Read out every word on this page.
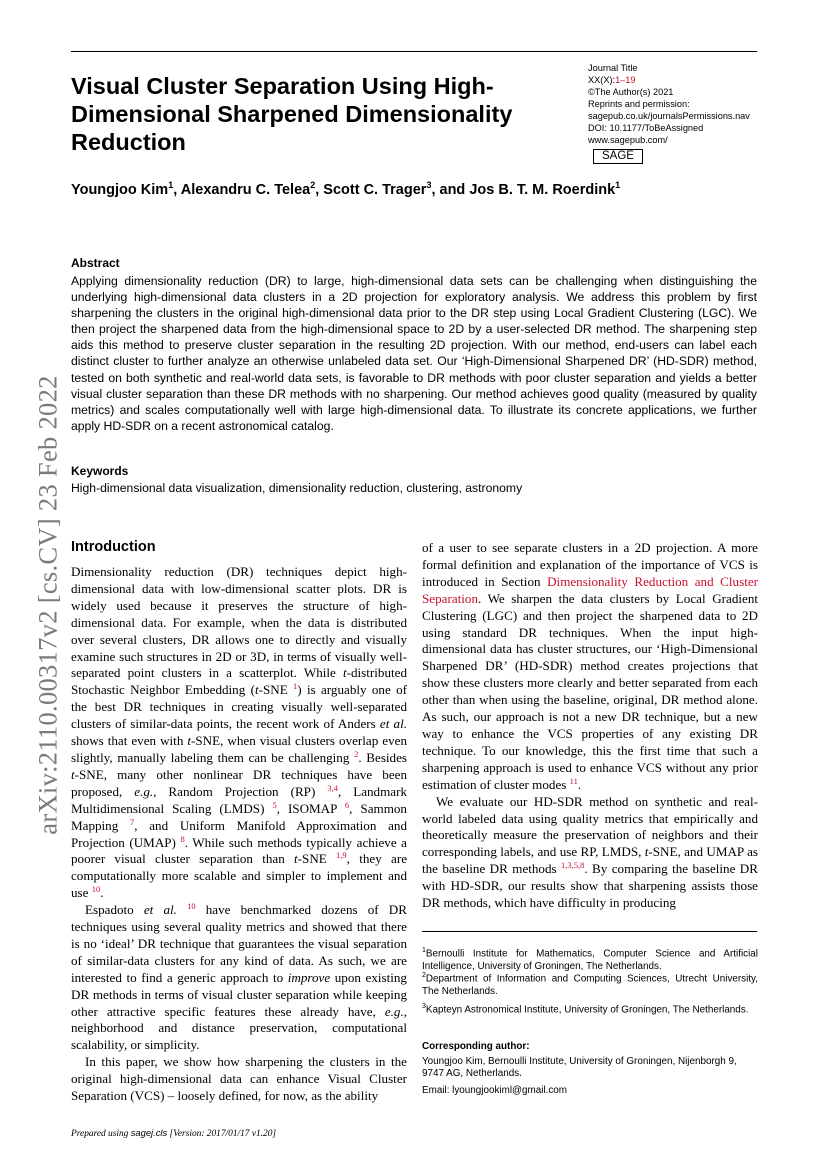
Visual Cluster Separation Using High-Dimensional Sharpened Dimensionality Reduction
Journal Title
XX(X):1–19
©The Author(s) 2021
Reprints and permission:
sagepub.co.uk/journalsPermissions.nav
DOI: 10.1177/ToBeAssigned
www.sagepub.com/
SAGE
Youngjoo Kim$^1$, Alexandru C. Telea$^2$, Scott C. Trager$^3$, and Jos B. T. M. Roerdink$^1$
Abstract
Applying dimensionality reduction (DR) to large, high-dimensional data sets can be challenging when distinguishing the underlying high-dimensional data clusters in a 2D projection for exploratory analysis. We address this problem by first sharpening the clusters in the original high-dimensional data prior to the DR step using Local Gradient Clustering (LGC). We then project the sharpened data from the high-dimensional space to 2D by a user-selected DR method. The sharpening step aids this method to preserve cluster separation in the resulting 2D projection. With our method, end-users can label each distinct cluster to further analyze an otherwise unlabeled data set. Our ‘High-Dimensional Sharpened DR’ (HD-SDR) method, tested on both synthetic and real-world data sets, is favorable to DR methods with poor cluster separation and yields a better visual cluster separation than these DR methods with no sharpening. Our method achieves good quality (measured by quality metrics) and scales computationally well with large high-dimensional data. To illustrate its concrete applications, we further apply HD-SDR on a recent astronomical catalog.
Keywords
High-dimensional data visualization, dimensionality reduction, clustering, astronomy
arXiv:2110.00317v2 [cs.CV] 23 Feb 2022 Introduction

Dimensionality reduction (DR) techniques depict high-dimensional data with low-dimensional scatter plots. DR is widely used because it preserves the structure of high-dimensional data. For example, when the data is distributed over several clusters, DR allows one to directly and visually examine such structures in 2D or 3D, in terms of visually well-separated point clusters in a scatterplot. While t-distributed Stochastic Neighbor Embedding (t-SNE $^1$) is arguably one of the best DR techniques in creating visually well-separated clusters of similar-data points, the recent work of Anders et al. shows that even with t-SNE, when visual clusters overlap even slightly, manually labeling them can be challenging $^2$. Besides t-SNE, many other nonlinear DR techniques have been proposed, e.g., Random Projection (RP) $^{3,4}$, Landmark Multidimensional Scaling (LMDS) $^5$, ISOMAP $^6$, Sammon Mapping $^7$, and Uniform Manifold Approximation and Projection (UMAP) $^8$. While such methods typically achieve a poorer visual cluster separation than t-SNE $^{1,9}$, they are computationally more scalable and simpler to implement and use $^{10}$.

Espadoto et al. $^{10}$ have benchmarked dozens of DR techniques using several quality metrics and showed that there is no ‘ideal’ DR technique that guarantees the visual separation of similar-data clusters for any kind of data. As such, we are interested to find a generic approach to improve upon existing DR methods in terms of visual cluster separation while keeping other attractive specific features these already have, e.g., neighborhood and distance preservation, computational scalability, or simplicity.

In this paper, we show how sharpening the clusters in the original high-dimensional data can enhance Visual Cluster Separation (VCS) – loosely defined, for now, as the ability

of a user to see separate clusters in a 2D projection. A more formal definition and explanation of the importance of VCS is introduced in Section Dimensionality Reduction and Cluster Separation. We sharpen the data clusters by Local Gradient Clustering (LGC) and then project the sharpened data to 2D using standard DR techniques. When the input high-dimensional data has cluster structures, our ‘High-Dimensional Sharpened DR’ (HD-SDR) method creates projections that show these clusters more clearly and better separated from each other than when using the baseline, original, DR method alone. As such, our approach is not a new DR technique, but a new way to enhance the VCS properties of any existing DR technique. To our knowledge, this the first time that such a sharpening approach is used to enhance VCS without any prior estimation of cluster modes $^{11}$.

We evaluate our HD-SDR method on synthetic and real-world labeled data using quality metrics that empirically and theoretically measure the preservation of neighbors and their corresponding labels, and use RP, LMDS, t-SNE, and UMAP as the baseline DR methods $^{1,3,5,8}$. By comparing the baseline DR with HD-SDR, our results show that sharpening assists those DR methods, which have difficulty in producing

$^1$Bernoulli Institute for Mathematics, Computer Science and Artificial Intelligence, University of Groningen, The Netherlands.
$^2$Department of Information and Computing Sciences, Utrecht University, The Netherlands.
$^3$Kapteyn Astronomical Institute, University of Groningen, The Netherlands.
Corresponding author:
Youngjoo Kim, Bernoulli Institute, University of Groningen, Nijenborgh 9, 9747 AG, Netherlands.
Email: lyoungjookiml@gmail.com
Prepared using sagej.cls [Version: 2017/01/17 v1.20]
